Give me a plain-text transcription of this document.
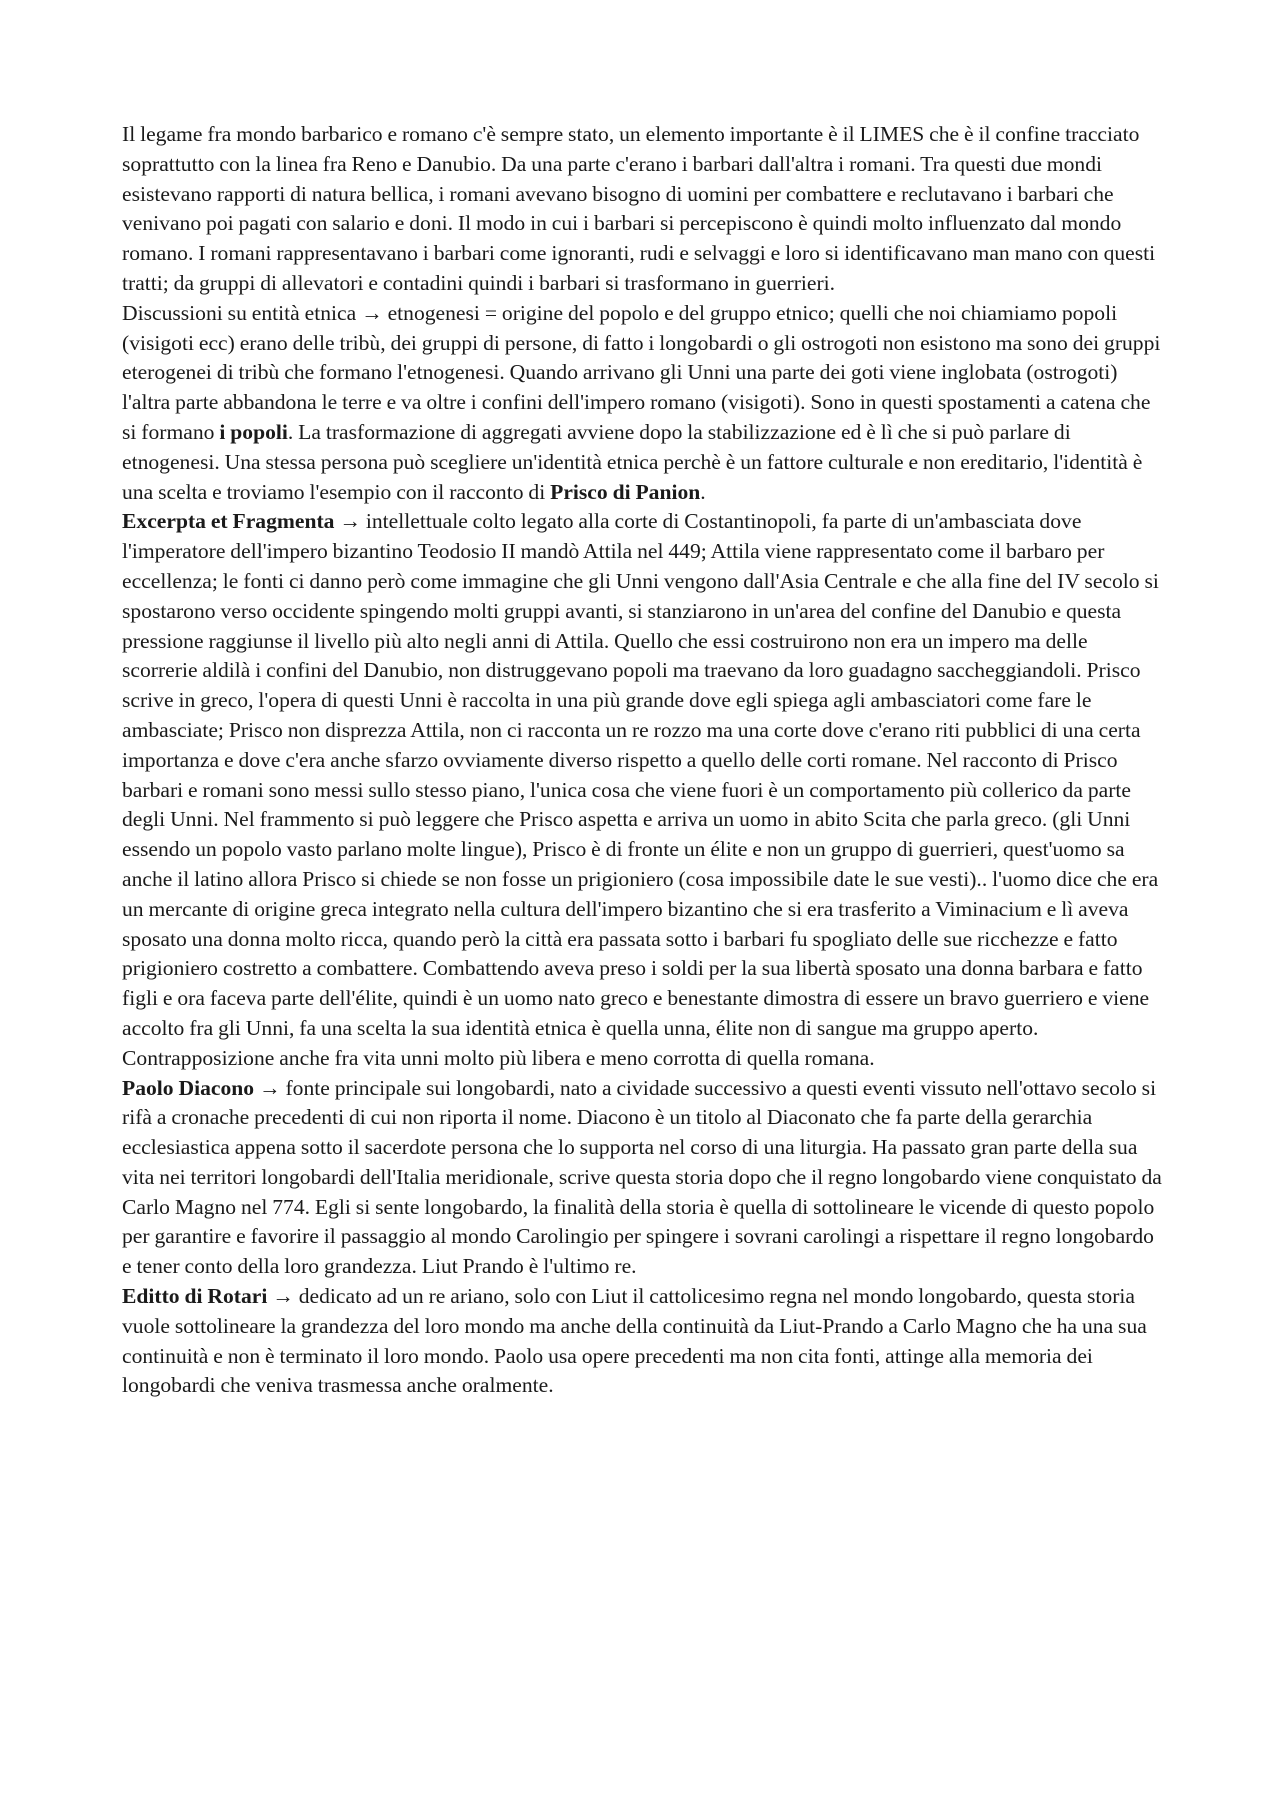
Il legame fra mondo barbarico e romano c'è sempre stato, un elemento importante è il LIMES che è il confine tracciato soprattutto con la linea fra Reno e Danubio. Da una parte c'erano i barbari dall'altra i romani. Tra questi due mondi esistevano rapporti di natura bellica, i romani avevano bisogno di uomini per combattere e reclutavano i barbari che venivano poi pagati con salario e doni. Il modo in cui i barbari si percepiscono è quindi molto influenzato dal mondo romano. I romani rappresentavano i barbari come ignoranti, rudi e selvaggi e loro si identificavano man mano con questi tratti; da gruppi di allevatori e contadini quindi i barbari si trasformano in guerrieri.

Discussioni su entità etnica → etnogenesi = origine del popolo e del gruppo etnico; quelli che noi chiamiamo popoli (visigoti ecc) erano delle tribù, dei gruppi di persone, di fatto i longobardi o gli ostrogoti non esistono ma sono dei gruppi eterogenei di tribù che formano l'etnogenesi. Quando arrivano gli Unni una parte dei goti viene inglobata (ostrogoti) l'altra parte abbandona le terre e va oltre i confini dell'impero romano (visigoti). Sono in questi spostamenti a catena che si formano i popoli. La trasformazione di aggregati avviene dopo la stabilizzazione ed è lì che si può parlare di etnogenesi. Una stessa persona può scegliere un'identità etnica perchè è un fattore culturale e non ereditario, l'identità è una scelta e troviamo l'esempio con il racconto di Prisco di Panion.

Excerpta et Fragmenta → intellettuale colto legato alla corte di Costantinopoli, fa parte di un'ambasciata dove l'imperatore dell'impero bizantino Teodosio II mandò Attila nel 449; Attila viene rappresentato come il barbaro per eccellenza; le fonti ci danno però come immagine che gli Unni vengono dall'Asia Centrale e che alla fine del IV secolo si spostarono verso occidente spingendo molti gruppi avanti, si stanziarono in un'area del confine del Danubio e questa pressione raggiunse il livello più alto negli anni di Attila. Quello che essi costruirono non era un impero ma delle scorrerie aldilà i confini del Danubio, non distruggevano popoli ma traevano da loro guadagno saccheggiandoli. Prisco scrive in greco, l'opera di questi Unni è raccolta in una più grande dove egli spiega agli ambasciatori come fare le ambasciate; Prisco non disprezza Attila, non ci racconta un re rozzo ma una corte dove c'erano riti pubblici di una certa importanza e dove c'era anche sfarzo ovviamente diverso rispetto a quello delle corti romane. Nel racconto di Prisco barbari e romani sono messi sullo stesso piano, l'unica cosa che viene fuori è un comportamento più collerico da parte degli Unni. Nel frammento si può leggere che Prisco aspetta e arriva un uomo in abito Scita che parla greco. (gli Unni essendo un popolo vasto parlano molte lingue), Prisco è di fronte un élite e non un gruppo di guerrieri, quest'uomo sa anche il latino allora Prisco si chiede se non fosse un prigioniero (cosa impossibile date le sue vesti).. l'uomo dice che era un mercante di origine greca integrato nella cultura dell'impero bizantino che si era trasferito a Viminacium e lì aveva sposato una donna molto ricca, quando però la città era passata sotto i barbari fu spogliato delle sue ricchezze e fatto prigioniero costretto a combattere. Combattendo aveva preso i soldi per la sua libertà sposato una donna barbara e fatto figli e ora faceva parte dell'élite, quindi è un uomo nato greco e benestante dimostra di essere un bravo guerriero e viene accolto fra gli Unni, fa una scelta la sua identità etnica è quella unna, élite non di sangue ma gruppo aperto. Contrapposizione anche fra vita unni molto più libera e meno corrotta di quella romana.

Paolo Diacono → fonte principale sui longobardi, nato a cividade successivo a questi eventi vissuto nell'ottavo secolo si rifà a cronache precedenti di cui non riporta il nome. Diacono è un titolo al Diaconato che fa parte della gerarchia ecclesiastica appena sotto il sacerdote persona che lo supporta nel corso di una liturgia. Ha passato gran parte della sua vita nei territori longobardi dell'Italia meridionale, scrive questa storia dopo che il regno longobardo viene conquistato da Carlo Magno nel 774. Egli si sente longobardo, la finalità della storia è quella di sottolineare le vicende di questo popolo per garantire e favorire il passaggio al mondo Carolingio per spingere i sovrani carolingi a rispettare il regno longobardo e tener conto della loro grandezza. Liut Prando è l'ultimo re.

Editto di Rotari → dedicato ad un re ariano, solo con Liut il cattolicesimo regna nel mondo longobardo, questa storia vuole sottolineare la grandezza del loro mondo ma anche della continuità da Liut-Prando a Carlo Magno che ha una sua continuità e non è terminato il loro mondo. Paolo usa opere precedenti ma non cita fonti, attinge alla memoria dei longobardi che veniva trasmessa anche oralmente.
